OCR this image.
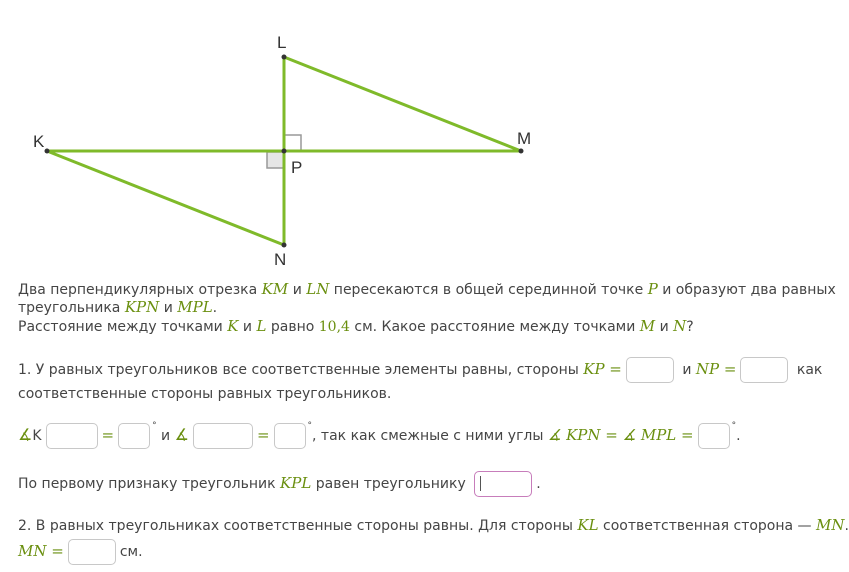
K
L
M
N
P
Два перпендикулярных отрезка KM и LN пересекаются в общей серединной точке P и образуют два равных
треугольника KPN и MPL.
Расстояние между точками K и L равно 10,4 см. Какое расстояние между точками M и N?
1. У равных треугольников все соответственные элементы равны, стороны KP =	и NP =	как
соответственные стороны равных треугольников.
∡K	=	° и ∡	=	°, так как смежные с ними углы ∡ KPN = ∡ MPL =	°.
По первому признаку треугольник KPL равен треугольнику	.
2. В равных треугольниках соответственные стороны равны. Для стороны KL соответственная сторона — MN.
MN =	см.
